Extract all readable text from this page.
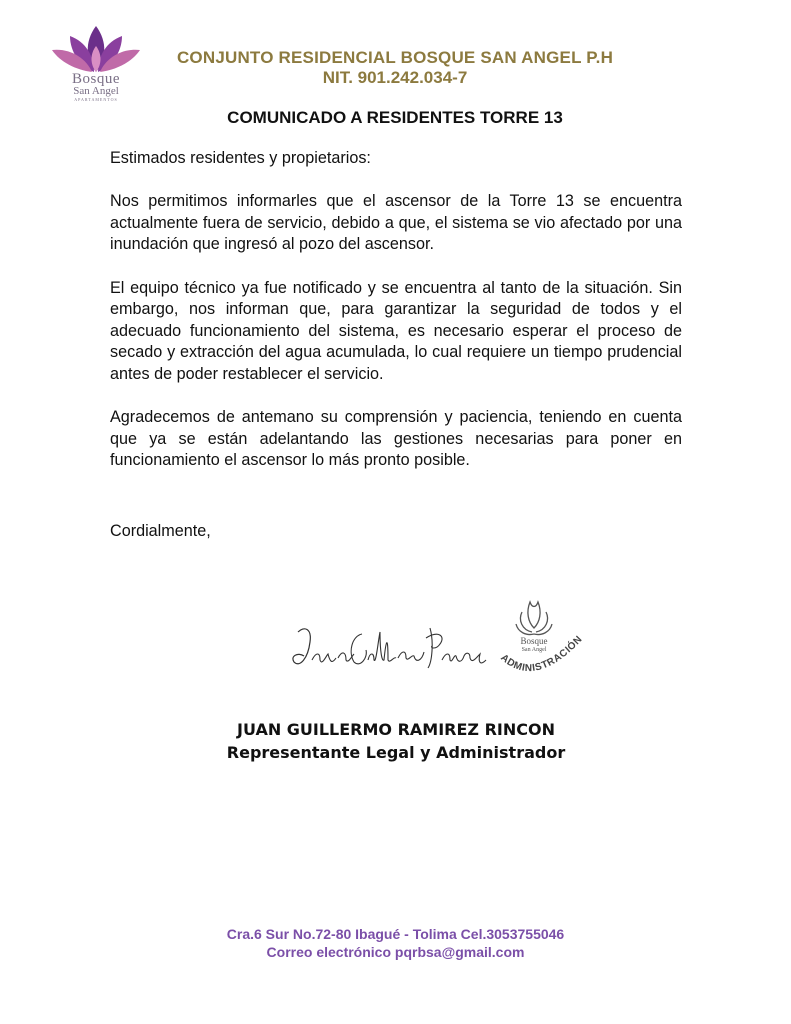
Bosque
San Angel
APARTAMENTOS
CONJUNTO RESIDENCIAL BOSQUE SAN ANGEL P.H
NIT. 901.242.034-7
COMUNICADO A RESIDENTES TORRE 13

Estimados residentes y propietarios:

Nos permitimos informarles que el ascensor de la Torre 13 se encuentra actualmente fuera de servicio, debido a que, el sistema se vio afectado por una inundación que ingresó al pozo del ascensor.

El equipo técnico ya fue notificado y se encuentra al tanto de la situación. Sin embargo, nos informan que, para garantizar la seguridad de todos y el adecuado funcionamiento del sistema, es necesario esperar el proceso de secado y extracción del agua acumulada, lo cual requiere un tiempo prudencial antes de poder restablecer el servicio.

Agradecemos de antemano su comprensión y paciencia, teniendo en cuenta que ya se están adelantando las gestiones necesarias para poner en funcionamiento el ascensor lo más pronto posible.

Cordialmente,
Bosque
San Angel
ADMINISTRACIÓN
JUAN GUILLERMO RAMIREZ RINCON
Representante Legal y Administrador
Cra.6 Sur No.72-80 Ibagué - Tolima Cel.3053755046
Correo electrónico pqrbsa@gmail.com
